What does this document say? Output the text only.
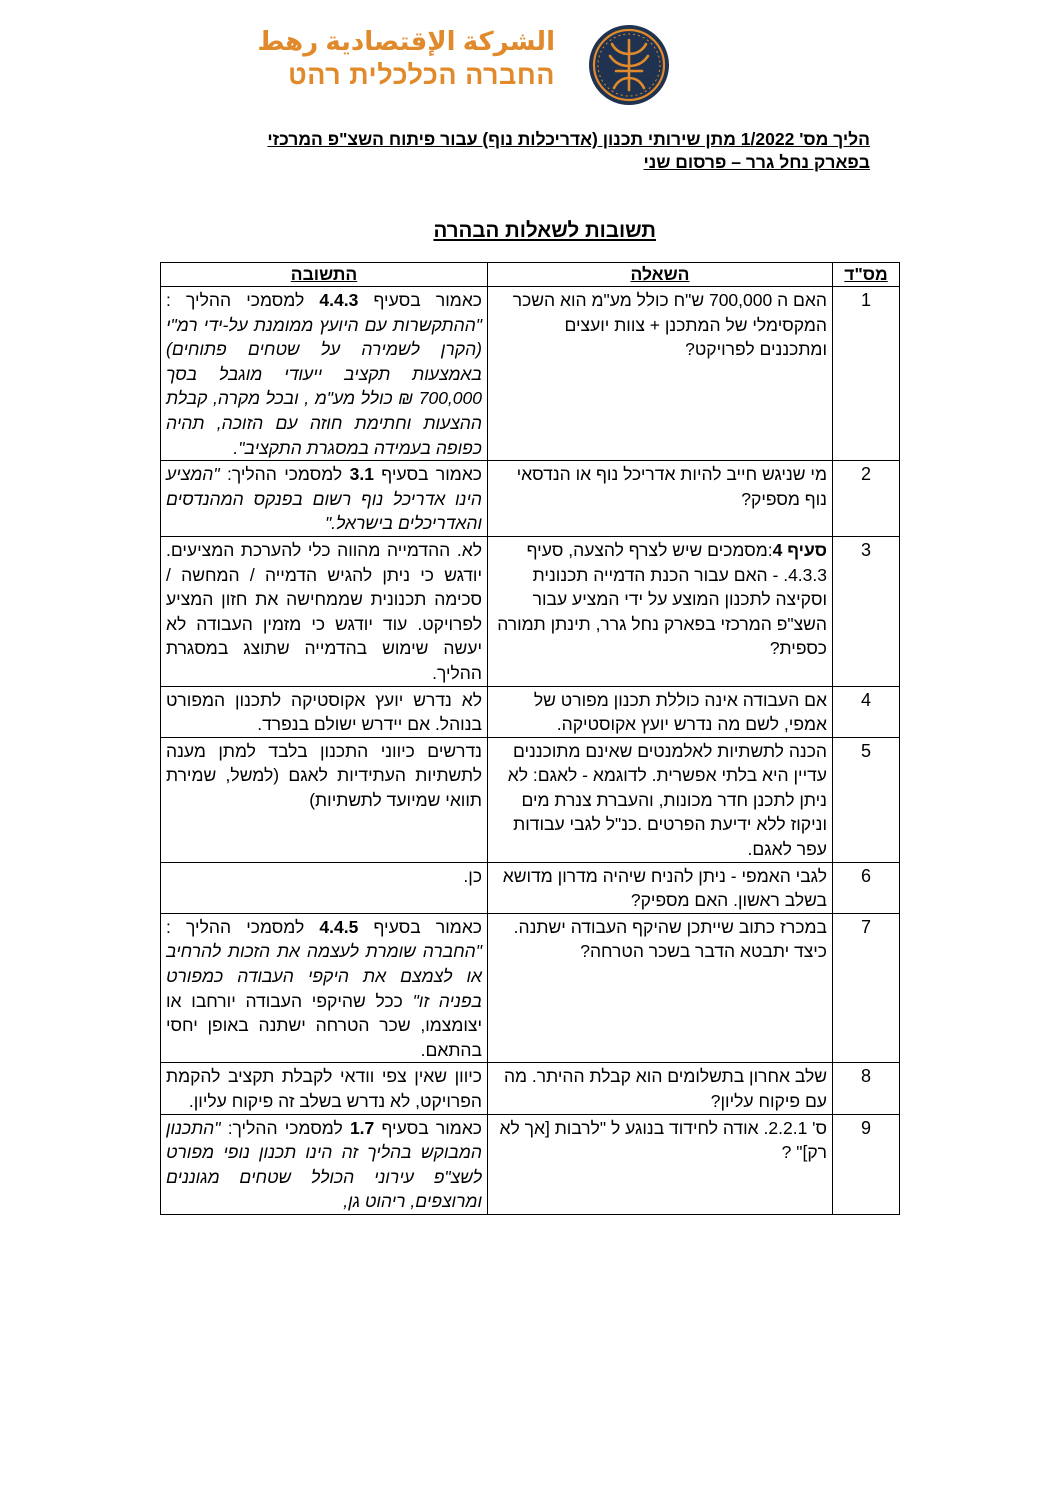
الشركة الإقتصادية رهط
החברה הכלכלית רהט
הליך מס' 1/2022 מתן שירותי תכנון (אדריכלות נוף) עבור פיתוח השצ"פ המרכזי
בפארק נחל גרר – פרסום שני
תשובות לשאלות הבהרה
מס"ד	השאלה	התשובה
1	האם ה 700,000 ש"ח כולל מע"מ הוא השכר המקסימלי של המתכנן + צוות יועצים ומתכננים לפרויקט?	כאמור בסעיף 4.4.3 למסמכי ההליך : "ההתקשרות עם היועץ ממומנת על-ידי רמ"י (הקרן לשמירה על שטחים פתוחים) באמצעות תקציב ייעודי מוגבל בסך 700,000 ₪ כולל מע"מ , ובכל מקרה, קבלת ההצעות וחתימת חוזה עם הזוכה, תהיה כפופה בעמידה במסגרת התקציב".
2	מי שניגש חייב להיות אדריכל נוף או הנדסאי נוף מספיק?	כאמור בסעיף 3.1 למסמכי ההליך: "המציע הינו אדריכל נוף רשום בפנקס המהנדסים והאדריכלים בישראל."
3	סעיף 4:מסמכים שיש לצרף להצעה, סעיף 4.3.3. - האם עבור הכנת הדמייה תכנונית וסקיצה לתכנון המוצע על ידי המציע עבור השצ"פ המרכזי בפארק נחל גרר, תינתן תמורה כספית?	לא. ההדמייה מהווה כלי להערכת המציעים. יודגש כי ניתן להגיש הדמייה / המחשה / סכימה תכנונית שממחישה את חזון המציע לפרויקט. עוד יודגש כי מזמין העבודה לא יעשה שימוש בהדמייה שתוצג במסגרת ההליך.
4	אם העבודה אינה כוללת תכנון מפורט של אמפי, לשם מה נדרש יועץ אקוסטיקה.	לא נדרש יועץ אקוסטיקה לתכנון המפורט בנוהל. אם יידרש ישולם בנפרד.
5	הכנה לתשתיות לאלמנטים שאינם מתוכננים עדיין היא בלתי אפשרית. לדוגמא - לאגם: לא ניתן לתכנן חדר מכונות, והעברת צנרת מים וניקוז ללא ידיעת הפרטים .כנ"ל לגבי עבודות עפר לאגם.	נדרשים כיווני התכנון בלבד למתן מענה לתשתיות העתידיות לאגם (למשל, שמירת תוואי שמיועד לתשתיות)
6	לגבי האמפי - ניתן להניח שיהיה מדרון מדושא בשלב ראשון. האם מספיק?	כן.
7	במכרז כתוב שייתכן שהיקף העבודה ישתנה. כיצד יתבטא הדבר בשכר הטרחה?	כאמור בסעיף 4.4.5 למסמכי ההליך : "החברה שומרת לעצמה את הזכות להרחיב או לצמצם את היקפי העבודה כמפורט בפניה זו" ככל שהיקפי העבודה יורחבו או יצומצמו, שכר הטרחה ישתנה באופן יחסי בהתאם.
8	שלב אחרון בתשלומים הוא קבלת ההיתר. מה עם פיקוח עליון?	כיוון שאין צפי וודאי לקבלת תקציב להקמת הפרויקט, לא נדרש בשלב זה פיקוח עליון.
9	ס' 2.2.1. אודה לחידוד בנוגע ל "לרבות [אך לא רק]" ?	כאמור בסעיף 1.7 למסמכי ההליך: "התכנון המבוקש בהליך זה הינו תכנון נופי מפורט לשצ"פ עירוני הכולל שטחים מגוננים ומרוצפים, ריהוט גן,
